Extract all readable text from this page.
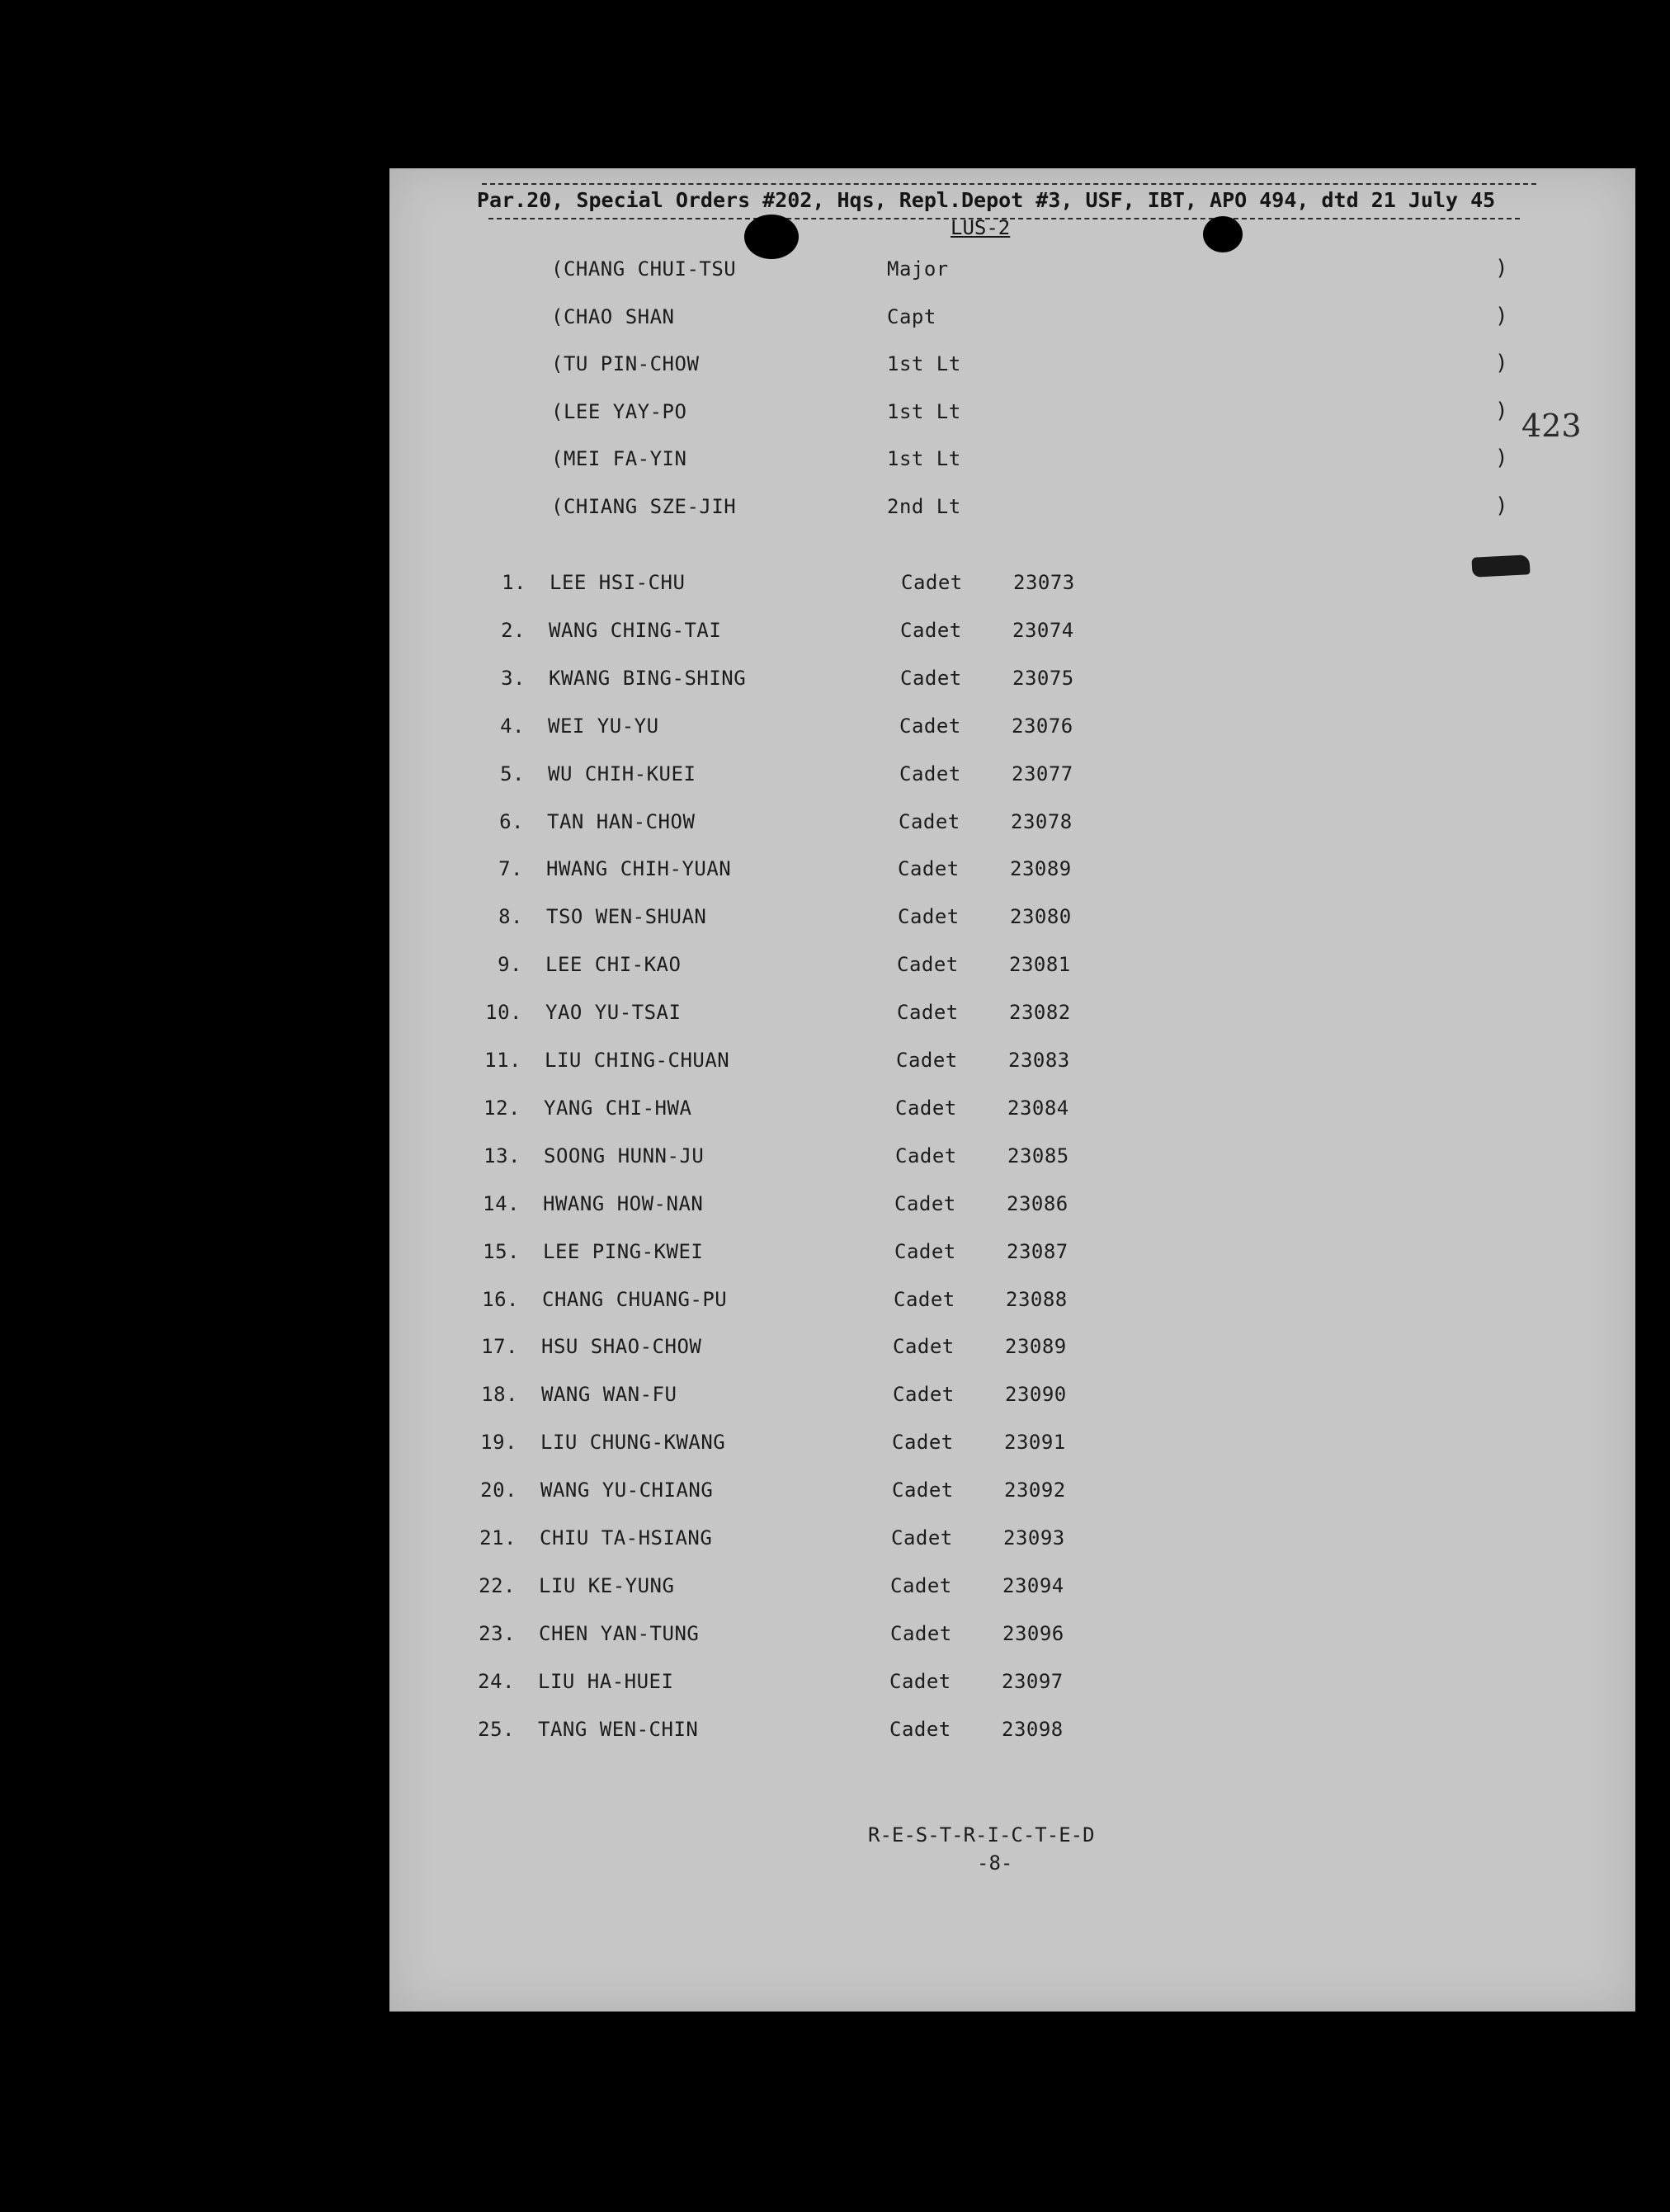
Par.20, Special Orders #202, Hqs, Repl.Depot #3, USF, IBT, APO 494, dtd 21 July 45
LUS-2
(CHANG CHUI-TSU	Major	)
(CHAO SHAN	Capt	)
(TU PIN-CHOW	1st Lt	)
(LEE YAY-PO	1st Lt	)
(MEI FA-YIN	1st Lt	)
(CHIANG SZE-JIH	2nd Lt	)
1. LEE HSI-CHU	Cadet	23073
2. WANG CHING-TAI	Cadet	23074
3. KWANG BING-SHING	Cadet	23075
4. WEI YU-YU	Cadet	23076
5. WU CHIH-KUEI	Cadet	23077
6. TAN HAN-CHOW	Cadet	23078
7. HWANG CHIH-YUAN	Cadet	23089
8. TSO WEN-SHUAN	Cadet	23080
9. LEE CHI-KAO	Cadet	23081
10. YAO YU-TSAI	Cadet	23082
11. LIU CHING-CHUAN	Cadet	23083
12. YANG CHI-HWA	Cadet	23084
13. SOONG HUNN-JU	Cadet	23085
14. HWANG HOW-NAN	Cadet	23086
15. LEE PING-KWEI	Cadet	23087
16. CHANG CHUANG-PU	Cadet	23088
17. HSU SHAO-CHOW	Cadet	23089
18. WANG WAN-FU	Cadet	23090
19. LIU CHUNG-KWANG	Cadet	23091
20. WANG YU-CHIANG	Cadet	23092
21. CHIU TA-HSIANG	Cadet	23093
22. LIU KE-YUNG	Cadet	23094
23. CHEN YAN-TUNG	Cadet	23096
24. LIU HA-HUEI	Cadet	23097
25. TANG WEN-CHIN	Cadet	23098
423
R-E-S-T-R-I-C-T-E-D
-8-
